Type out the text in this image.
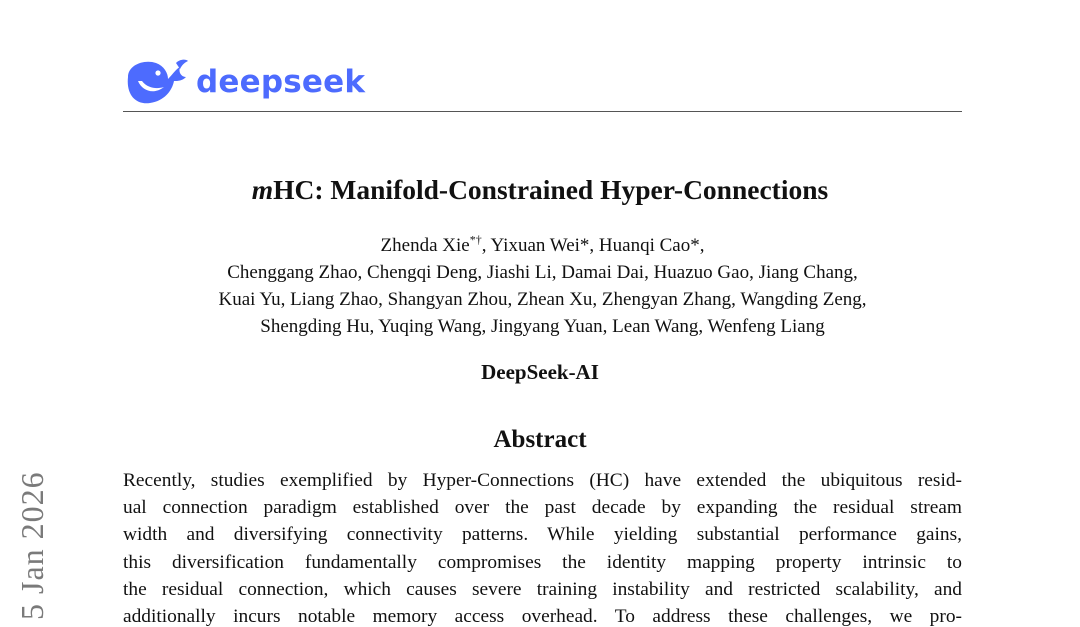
deepseek
mHC: Manifold-Constrained Hyper-Connections
Zhenda Xie*†, Yixuan Wei*, Huanqi Cao*,
Chenggang Zhao, Chengqi Deng, Jiashi Li, Damai Dai, Huazuo Gao, Jiang Chang,
Kuai Yu, Liang Zhao, Shangyan Zhou, Zhean Xu, Zhengyan Zhang, Wangding Zeng,
Shengding Hu, Yuqing Wang, Jingyang Yuan, Lean Wang, Wenfeng Liang
DeepSeek-AI
Abstract
Recently, studies exemplified by Hyper-Connections (HC) have extended the ubiquitous resid-
ual connection paradigm established over the past decade by expanding the residual stream
width and diversifying connectivity patterns. While yielding substantial performance gains,
this diversification fundamentally compromises the identity mapping property intrinsic to
the residual connection, which causes severe training instability and restricted scalability, and
additionally incurs notable memory access overhead. To address these challenges, we pro-
5 Jan 2026
